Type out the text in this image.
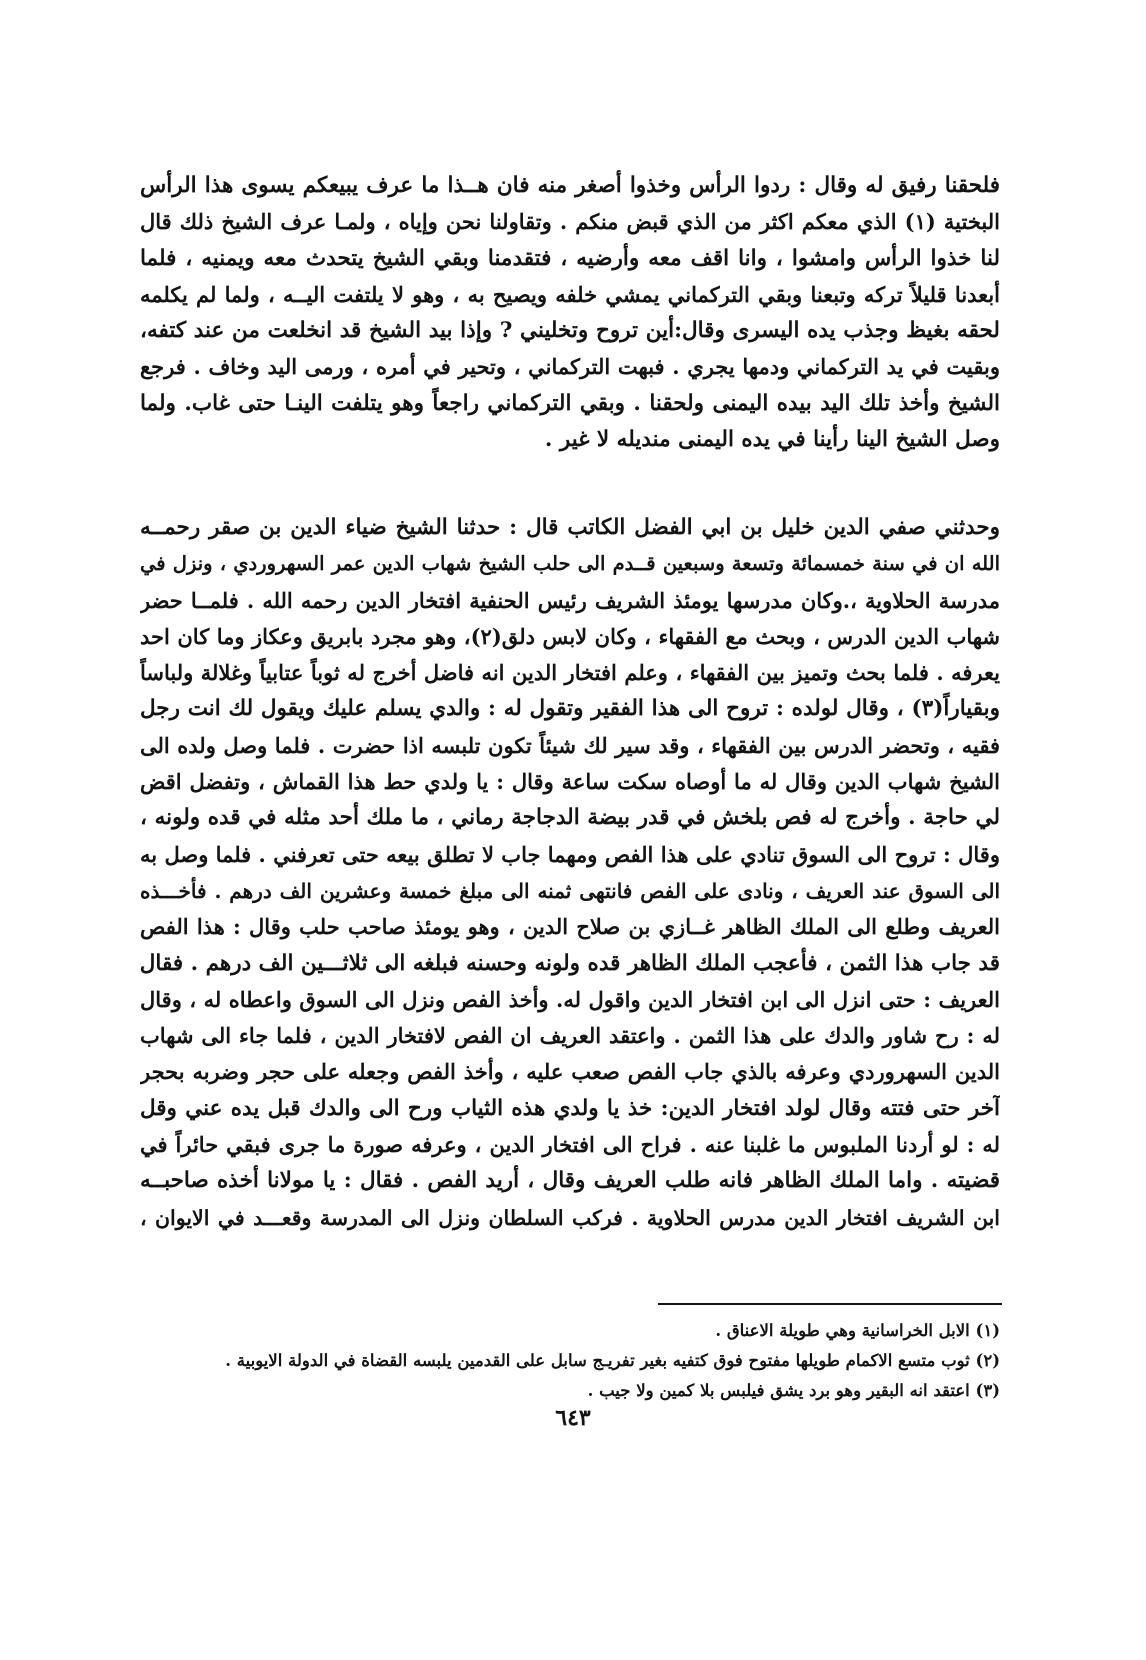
فلحقنا رفيق له وقال : ردوا الرأس وخذوا أصغر منه فان هــذا ما عرف يبيعكم يسوى هذا الرأس
البختية (١) الذي معكم اكثر من الذي قبض منكم . وتقاولنا نحن وإياه ، ولمـا عرف الشيخ ذلك قال
لنا خذوا الرأس وامشوا ، وانا اقف معه وأرضيه ، فتقدمنا وبقي الشيخ يتحدث معه ويمنيه ، فلما
أبعدنا قليلاً تركه وتبعنا وبقي التركماني يمشي خلفه ويصيح به ، وهو لا يلتفت اليــه ، ولما لم يكلمه
لحقه بغيظ وجذب يده اليسرى وقال:أين تروح وتخليني ? وإذا بيد الشيخ قد انخلعت من عند كتفه،
وبقيت في يد التركماني ودمها يجري . فبهت التركماني ، وتحير في أمره ، ورمى اليد وخاف . فرجع
الشيخ وأخذ تلك اليد بيده اليمنى ولحقنا . وبقي التركماني راجعاً وهو يتلفت الينـا حتى غاب. ولما
وصل الشيخ الينا رأينا في يده اليمنى منديله لا غير .
وحدثني صفي الدين خليل بن ابي الفضل الكاتب قال : حدثنا الشيخ ضياء الدين بن صقر رحمــه
الله ان في سنة خمسمائة وتسعة وسبعين قــدم الى حلب الشيخ شهاب الدين عمر السهروردي ، ونزل في
مدرسة الحلاوية ،.وكان مدرسها يومئذ الشريف رئيس الحنفية افتخار الدين رحمه الله . فلمــا حضر
شهاب الدين الدرس ، وبحث مع الفقهاء ، وكان لابس دلق(٢)، وهو مجرد بابريق وعكاز وما كان احد
يعرفه . فلما بحث وتميز بين الفقهاء ، وعلم افتخار الدين انه فاضل أخرج له ثوباً عتابياً وغلالة ولباساً
وبقياراً(٣) ، وقال لولده : تروح الى هذا الفقير وتقول له : والدي يسلم عليك ويقول لك انت رجل
فقيه ، وتحضر الدرس بين الفقهاء ، وقد سير لك شيئاً تكون تلبسه اذا حضرت . فلما وصل ولده الى
الشيخ شهاب الدين وقال له ما أوصاه سكت ساعة وقال : يا ولدي حط هذا القماش ، وتفضل اقض
لي حاجة . وأخرج له فص بلخش في قدر بيضة الدجاجة رماني ، ما ملك أحد مثله في قده ولونه ،
وقال : تروح الى السوق تنادي على هذا الفص ومهما جاب لا تطلق بيعه حتى تعرفني . فلما وصل به
الى السوق عند العريف ، ونادى على الفص فانتهى ثمنه الى مبلغ خمسة وعشرين الف درهم . فأخـــذه
العريف وطلع الى الملك الظاهر غــازي بن صلاح الدين ، وهو يومئذ صاحب حلب وقال : هذا الفص
قد جاب هذا الثمن ، فأعجب الملك الظاهر قده ولونه وحسنه فبلغه الى ثلاثـــين الف درهم . فقال
العريف : حتى انزل الى ابن افتخار الدين واقول له. وأخذ الفص ونزل الى السوق واعطاه له ، وقال
له : رح شاور والدك على هذا الثمن . واعتقد العريف ان الفص لافتخار الدين ، فلما جاء الى شهاب
الدين السهروردي وعرفه بالذي جاب الفص صعب عليه ، وأخذ الفص وجعله على حجر وضربه بحجر
آخر حتى فتته وقال لولد افتخار الدين: خذ يا ولدي هذه الثياب ورح الى والدك قبل يده عني وقل
له : لو أردنا الملبوس ما غلبنا عنه . فراح الى افتخار الدين ، وعرفه صورة ما جرى فبقي حائراً في
قضيته . واما الملك الظاهر فانه طلب العريف وقال ، أريد الفص . فقال : يا مولانا أخذه صاحبــه
ابن الشريف افتخار الدين مدرس الحلاوية . فركب السلطان ونزل الى المدرسة وقعـــد في الايوان ،
(١) الابل الخراسانية وهي طويلة الاعناق .
(٢) ثوب متسع الاكمام طويلها مفتوح فوق كتفيه بغير تفريـج سابل على القدمين يلبسه القضاة في الدولة الايوبية .
(٣) اعتقد انه البقير وهو برد يشق فيلبس بلا كمين ولا جيب .
٦٤٣
